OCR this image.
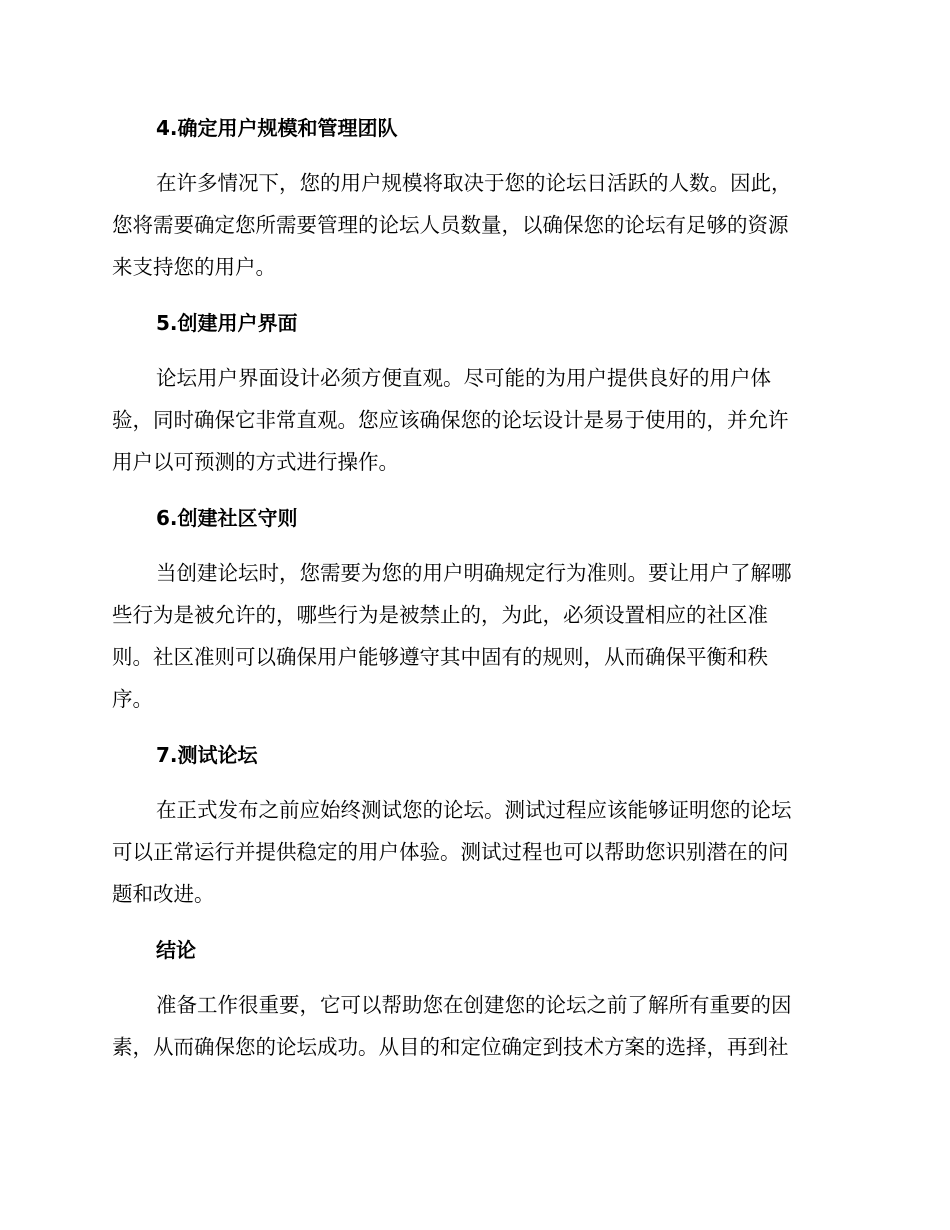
4.确定用户规模和管理团队

在许多情况下，您的用户规模将取决于您的论坛日活跃的人数。因此，
您将需要确定您所需要管理的论坛人员数量，以确保您的论坛有足够的资源
来支持您的用户。

5.创建用户界面

论坛用户界面设计必须方便直观。尽可能的为用户提供良好的用户体
验，同时确保它非常直观。您应该确保您的论坛设计是易于使用的，并允许
用户以可预测的方式进行操作。

6.创建社区守则

当创建论坛时，您需要为您的用户明确规定行为准则。要让用户了解哪
些行为是被允许的，哪些行为是被禁止的，为此，必须设置相应的社区准
则。社区准则可以确保用户能够遵守其中固有的规则，从而确保平衡和秩
序。

7.测试论坛

在正式发布之前应始终测试您的论坛。测试过程应该能够证明您的论坛
可以正常运行并提供稳定的用户体验。测试过程也可以帮助您识别潜在的问
题和改进。

结论

准备工作很重要，它可以帮助您在创建您的论坛之前了解所有重要的因
素，从而确保您的论坛成功。从目的和定位确定到技术方案的选择，再到社
